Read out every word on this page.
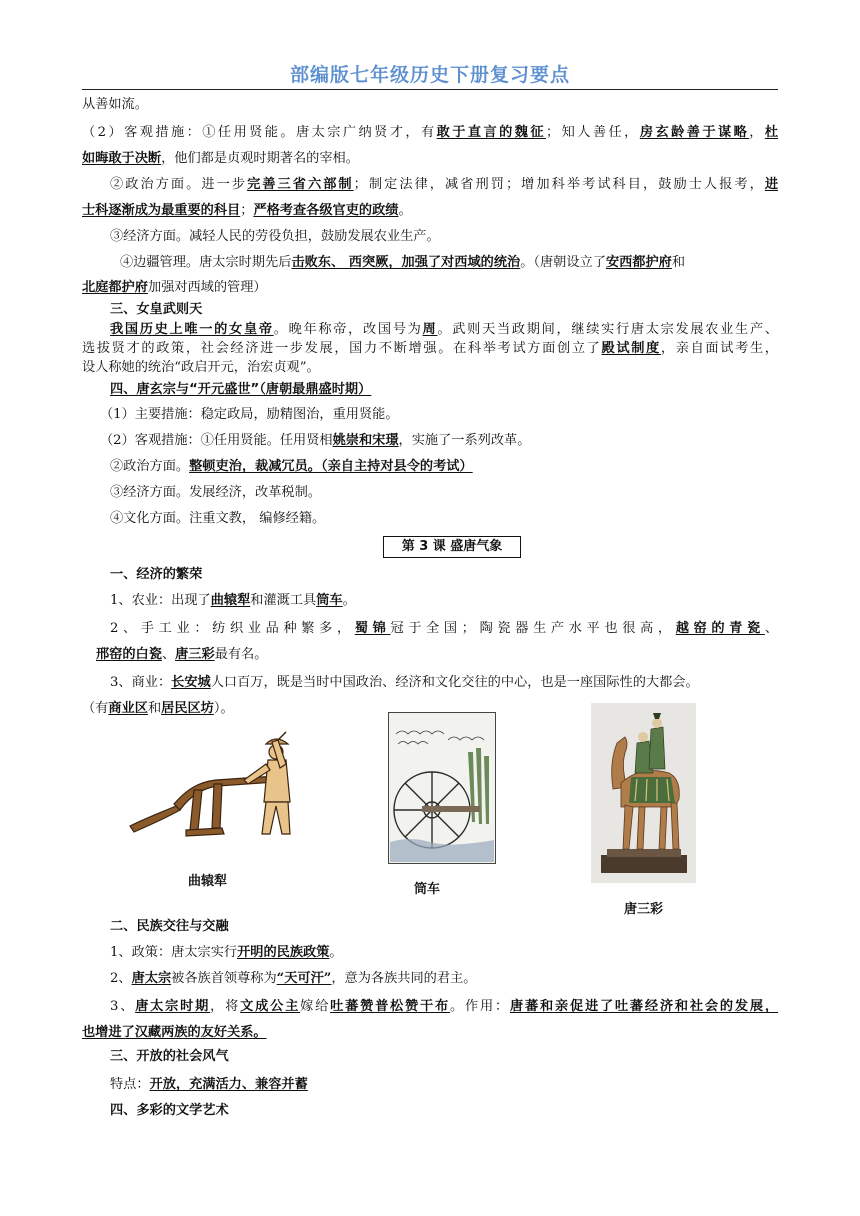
部编版七年级历史下册复习要点
从善如流。
（2）客观措施：①任用贤能。唐太宗广纳贤才，有敢于直言的魏征；知人善任，房玄龄善于谋略，杜
如晦敢于决断，他们都是贞观时期著名的宰相。
②政治方面。进一步完善三省六部制；制定法律，减省刑罚；增加科举考试科目，鼓励士人报考，进
士科逐渐成为最重要的科目；严格考查各级官吏的政绩。
③经济方面。减轻人民的劳役负担，鼓励发展农业生产。
④边疆管理。唐太宗时期先后击败东、 西突厥，加强了对西域的统治。（唐朝设立了安西都护府和
北庭都护府加强对西域的管理）
三、女皇武则天
我国历史上唯一的女皇帝。晚年称帝，改国号为周。武则天当政期间，继续实行唐太宗发展农业生产、
选拔贤才的政策，社会经济进一步发展，国力不断增强。在科举考试方面创立了殿试制度，亲自面试考生，
设人称她的统治“政启开元，治宏贞观”。
四、唐玄宗与“开元盛世”（唐朝最鼎盛时期）
（1）主要措施：稳定政局，励精图治，重用贤能。
（2）客观措施：①任用贤能。任用贤相姚崇和宋璟，实施了一系列改革。
②政治方面。整顿吏治，裁减冗员。（亲自主持对县令的考试）
③经济方面。发展经济，改革税制。
④文化方面。注重文教， 编修经籍。
第 3 课 盛唐气象
一、经济的繁荣
1、农业：出现了曲辕犁和灌溉工具筒车。
2、手工业：纺织业品种繁多，蜀锦冠于全国；陶瓷器生产水平也很高，越窑的青瓷、
邢窑的白瓷、唐三彩最有名。
3、商业：长安城人口百万，既是当时中国政治、经济和文化交往的中心，也是一座国际性的大都会。
（有商业区和居民区坊）。
曲辕犁
筒车
唐三彩
二、民族交往与交融
1、政策：唐太宗实行开明的民族政策。
2、唐太宗被各族首领尊称为“天可汗”，意为各族共同的君主。
3、唐太宗时期，将文成公主嫁给吐蕃赞普松赞干布。作用：唐蕃和亲促进了吐蕃经济和社会的发展，
也增进了汉藏两族的友好关系。
三、开放的社会风气
特点：开放，充满活力、兼容并蓄
四、多彩的文学艺术
